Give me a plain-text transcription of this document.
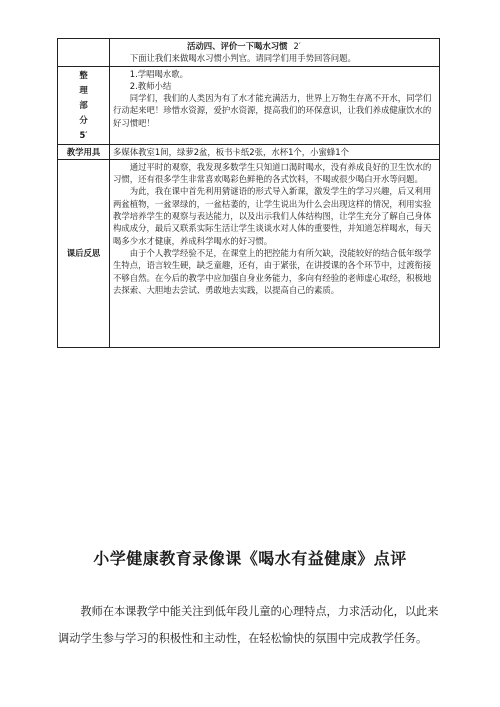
	活动四、评价一下喝水习惯 2′
下面让我们来做喝水习惯小判官。请同学们用手势回答问题。

整
理
部
分
5′	1.学唱喝水歌。
2.教师小结
同学们，我们的人类因为有了水才能充满活力，世界上万物生存离不开水，同学们行动起来吧！珍惜水资源，爱护水资源，提高我们的环保意识，让我们养成健康饮水的好习惯吧！

教学用具	多媒体教室1间，绿萝2盆，板书卡纸2张，水杯1个，小蜜蜂1个
课后反思	通过平时的观察，我发现多数学生只知道口渴时喝水，没有养成良好的卫生饮水的习惯，还有很多学生非常喜欢喝彩色鲜艳的各式饮料，不喝或很少喝白开水等问题。

为此，我在课中首先利用猜谜语的形式导入新课，激发学生的学习兴趣，后又利用两盆植物，一盆翠绿的，一盆枯萎的，让学生说出为什么会出现这样的情况，利用实验教学培养学生的观察与表达能力，以及出示我们人体结构图，让学生充分了解自己身体构成成分，最后又联系实际生活让学生谈谈水对人体的重要性，并知道怎样喝水，每天喝多少水才健康，养成科学喝水的好习惯。

由于个人教学经验不足，在课堂上的把控能力有所欠缺，没能较好的结合低年级学生特点，语言较生硬，缺乏童趣，还有，由于紧张，在讲授课的各个环节中，过渡衔接不够自然。在今后的教学中应加强自身业务能力，多向有经验的老师虚心取经，积极地去探索、大胆地去尝试、勇敢地去实践，以提高自己的素质。

小学健康教育录像课《喝水有益健康》点评

教师在本课教学中能关注到低年段儿童的心理特点，力求活动化，以此来调动学生参与学习的积极性和主动性，在轻松愉快的氛围中完成教学任务。
